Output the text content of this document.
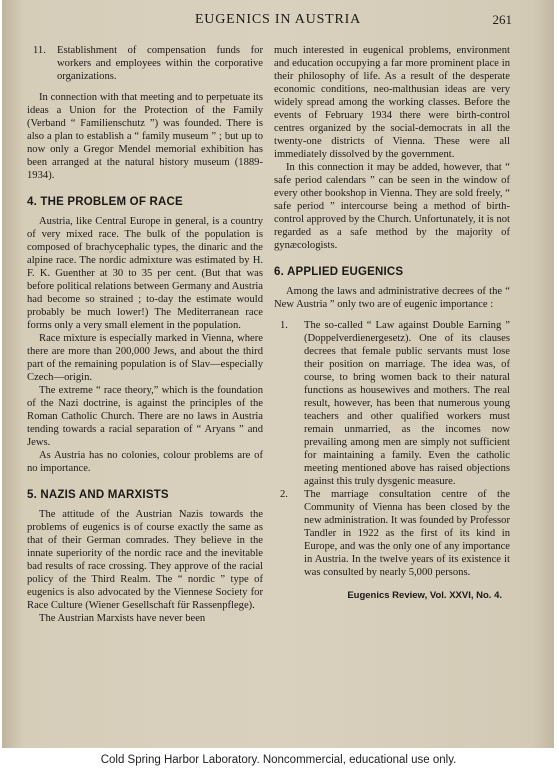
EUGENICS IN AUSTRIA	261
11. Establishment of compensation funds for workers and employees within the corporative organizations.

In connection with that meeting and to perpetuate its ideas a Union for the Protection of the Family (Verband “ Familienschutz ”) was founded. There is also a plan to establish a “ family museum ” ; but up to now only a Gregor Mendel memorial exhibition has been arranged at the natural history museum (1889-1934).

4. THE PROBLEM OF RACE

Austria, like Central Europe in general, is a country of very mixed race. The bulk of the population is composed of brachycephalic types, the dinaric and the alpine race. The nordic admixture was estimated by H. F. K. Guenther at 30 to 35 per cent. (But that was before political relations between Germany and Austria had become so strained ; to-day the estimate would probably be much lower!) The Mediterranean race forms only a very small element in the population.

Race mixture is especially marked in Vienna, where there are more than 200,000 Jews, and about the third part of the remaining population is of Slav—especially Czech—origin.

The extreme “ race theory,” which is the foundation of the Nazi doctrine, is against the principles of the Roman Catholic Church. There are no laws in Austria tending towards a racial separation of “ Aryans ” and Jews.

As Austria has no colonies, colour problems are of no importance.

5. NAZIS AND MARXISTS

The attitude of the Austrian Nazis towards the problems of eugenics is of course exactly the same as that of their German comrades. They believe in the innate superiority of the nordic race and the inevitable bad results of race crossing. They approve of the racial policy of the Third Realm. The “ nordic ” type of eugenics is also advocated by the Viennese Society for Race Culture (Wiener Gesellschaft für Rassenpflege).

The Austrian Marxists have never been

much interested in eugenical problems, environment and education occupying a far more prominent place in their philosophy of life. As a result of the desperate economic conditions, neo-malthusian ideas are very widely spread among the working classes. Before the events of February 1934 there were birth-control centres organized by the social-democrats in all the twenty-one districts of Vienna. These were all immediately dissolved by the government.

In this connection it may be added, however, that “ safe period calendars ” can be seen in the window of every other bookshop in Vienna. They are sold freely, “ safe period ” intercourse being a method of birth-control approved by the Church. Unfortunately, it is not regarded as a safe method by the majority of gynæcologists.

6. APPLIED EUGENICS

Among the laws and administrative decrees of the “ New Austria ” only two are of eugenic importance :

1. The so-called “ Law against Double Earning ” (Doppelverdienergesetz). One of its clauses decrees that female public servants must lose their position on marriage. The idea was, of course, to bring women back to their natural functions as housewives and mothers. The real result, however, has been that numerous young teachers and other qualified workers must remain unmarried, as the incomes now prevailing among men are simply not sufficient for maintaining a family. Even the catholic meeting mentioned above has raised objections against this truly dysgenic measure.
2. The marriage consultation centre of the Community of Vienna has been closed by the new administration. It was founded by Professor Tandler in 1922 as the first of its kind in Europe, and was the only one of any importance in Austria. In the twelve years of its existence it was consulted by nearly 5,000 persons.
Eugenics Review, Vol. XXVI, No. 4.
Cold Spring Harbor Laboratory. Noncommercial, educational use only.
